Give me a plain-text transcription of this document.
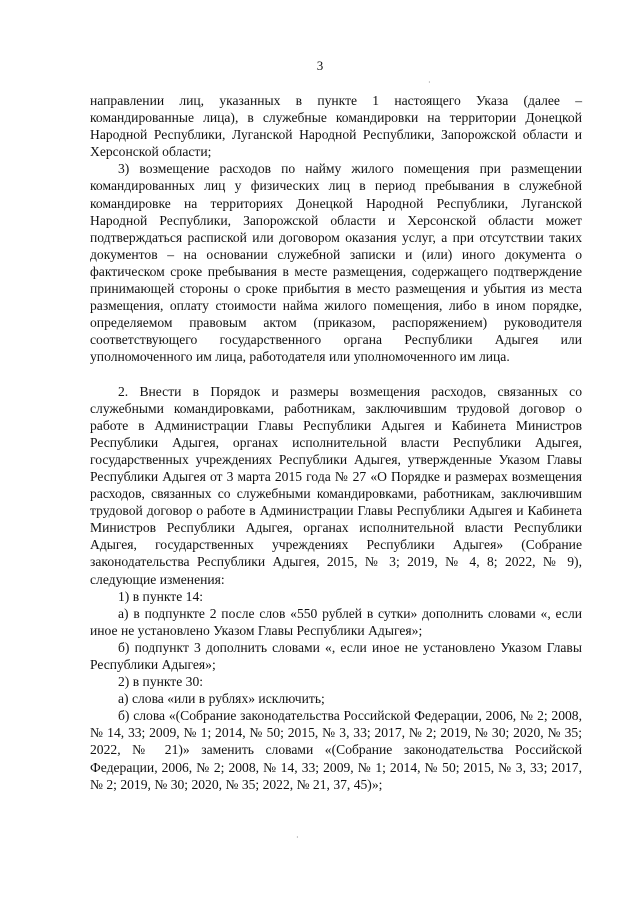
3

направлении лиц, указанных в пункте 1 настоящего Указа (далее – командированные лица), в служебные командировки на территории Донецкой Народной Республики, Луганской Народной Республики, Запорожской области и Херсонской области;

3) возмещение расходов по найму жилого помещения при размещении командированных лиц у физических лиц в период пребывания в служебной командировке на территориях Донецкой Народной Республики, Луганской Народной Республики, Запорожской области и Херсонской области может подтверждаться распиской или договором оказания услуг, а при отсутствии таких документов – на основании служебной записки и (или) иного документа о фактическом сроке пребывания в месте размещения, содержащего подтверждение принимающей стороны о сроке прибытия в место размещения и убытия из места размещения, оплату стоимости найма жилого помещения, либо в ином порядке, определяемом правовым актом (приказом, распоряжением) руководителя соответствующего государственного органа Республики Адыгея или уполномоченного им лица, работодателя или уполномоченного им лица.

2. Внести в Порядок и размеры возмещения расходов, связанных со служебными командировками, работникам, заключившим трудовой договор о работе в Администрации Главы Республики Адыгея и Кабинета Министров Республики Адыгея, органах исполнительной власти Республики Адыгея, государственных учреждениях Республики Адыгея, утвержденные Указом Главы Республики Адыгея от 3 марта 2015 года № 27 «О Порядке и размерах возмещения расходов, связанных со служебными командировками, работникам, заключившим трудовой договор о работе в Администрации Главы Республики Адыгея и Кабинета Министров Республики Адыгея, органах исполнительной власти Республики Адыгея, государственных учреждениях Республики Адыгея» (Собрание законодательства Республики Адыгея, 2015, № 3; 2019, № 4, 8; 2022, № 9), следующие изменения:

1) в пункте 14:

а) в подпункте 2 после слов «550 рублей в сутки» дополнить словами «, если иное не установлено Указом Главы Республики Адыгея»;

б) подпункт 3 дополнить словами «, если иное не установлено Указом Главы Республики Адыгея»;

2) в пункте 30:

а) слова «или в рублях» исключить;

б) слова «(Собрание законодательства Российской Федерации, 2006, № 2; 2008, № 14, 33; 2009, № 1; 2014, № 50; 2015, № 3, 33; 2017, № 2; 2019, № 30; 2020, № 35; 2022, № 21)» заменить словами «(Собрание законодательства Российской Федерации, 2006, № 2; 2008, № 14, 33; 2009, № 1; 2014, № 50; 2015, № 3, 33; 2017, № 2; 2019, № 30; 2020, № 35; 2022, № 21, 37, 45)»;

·
·
